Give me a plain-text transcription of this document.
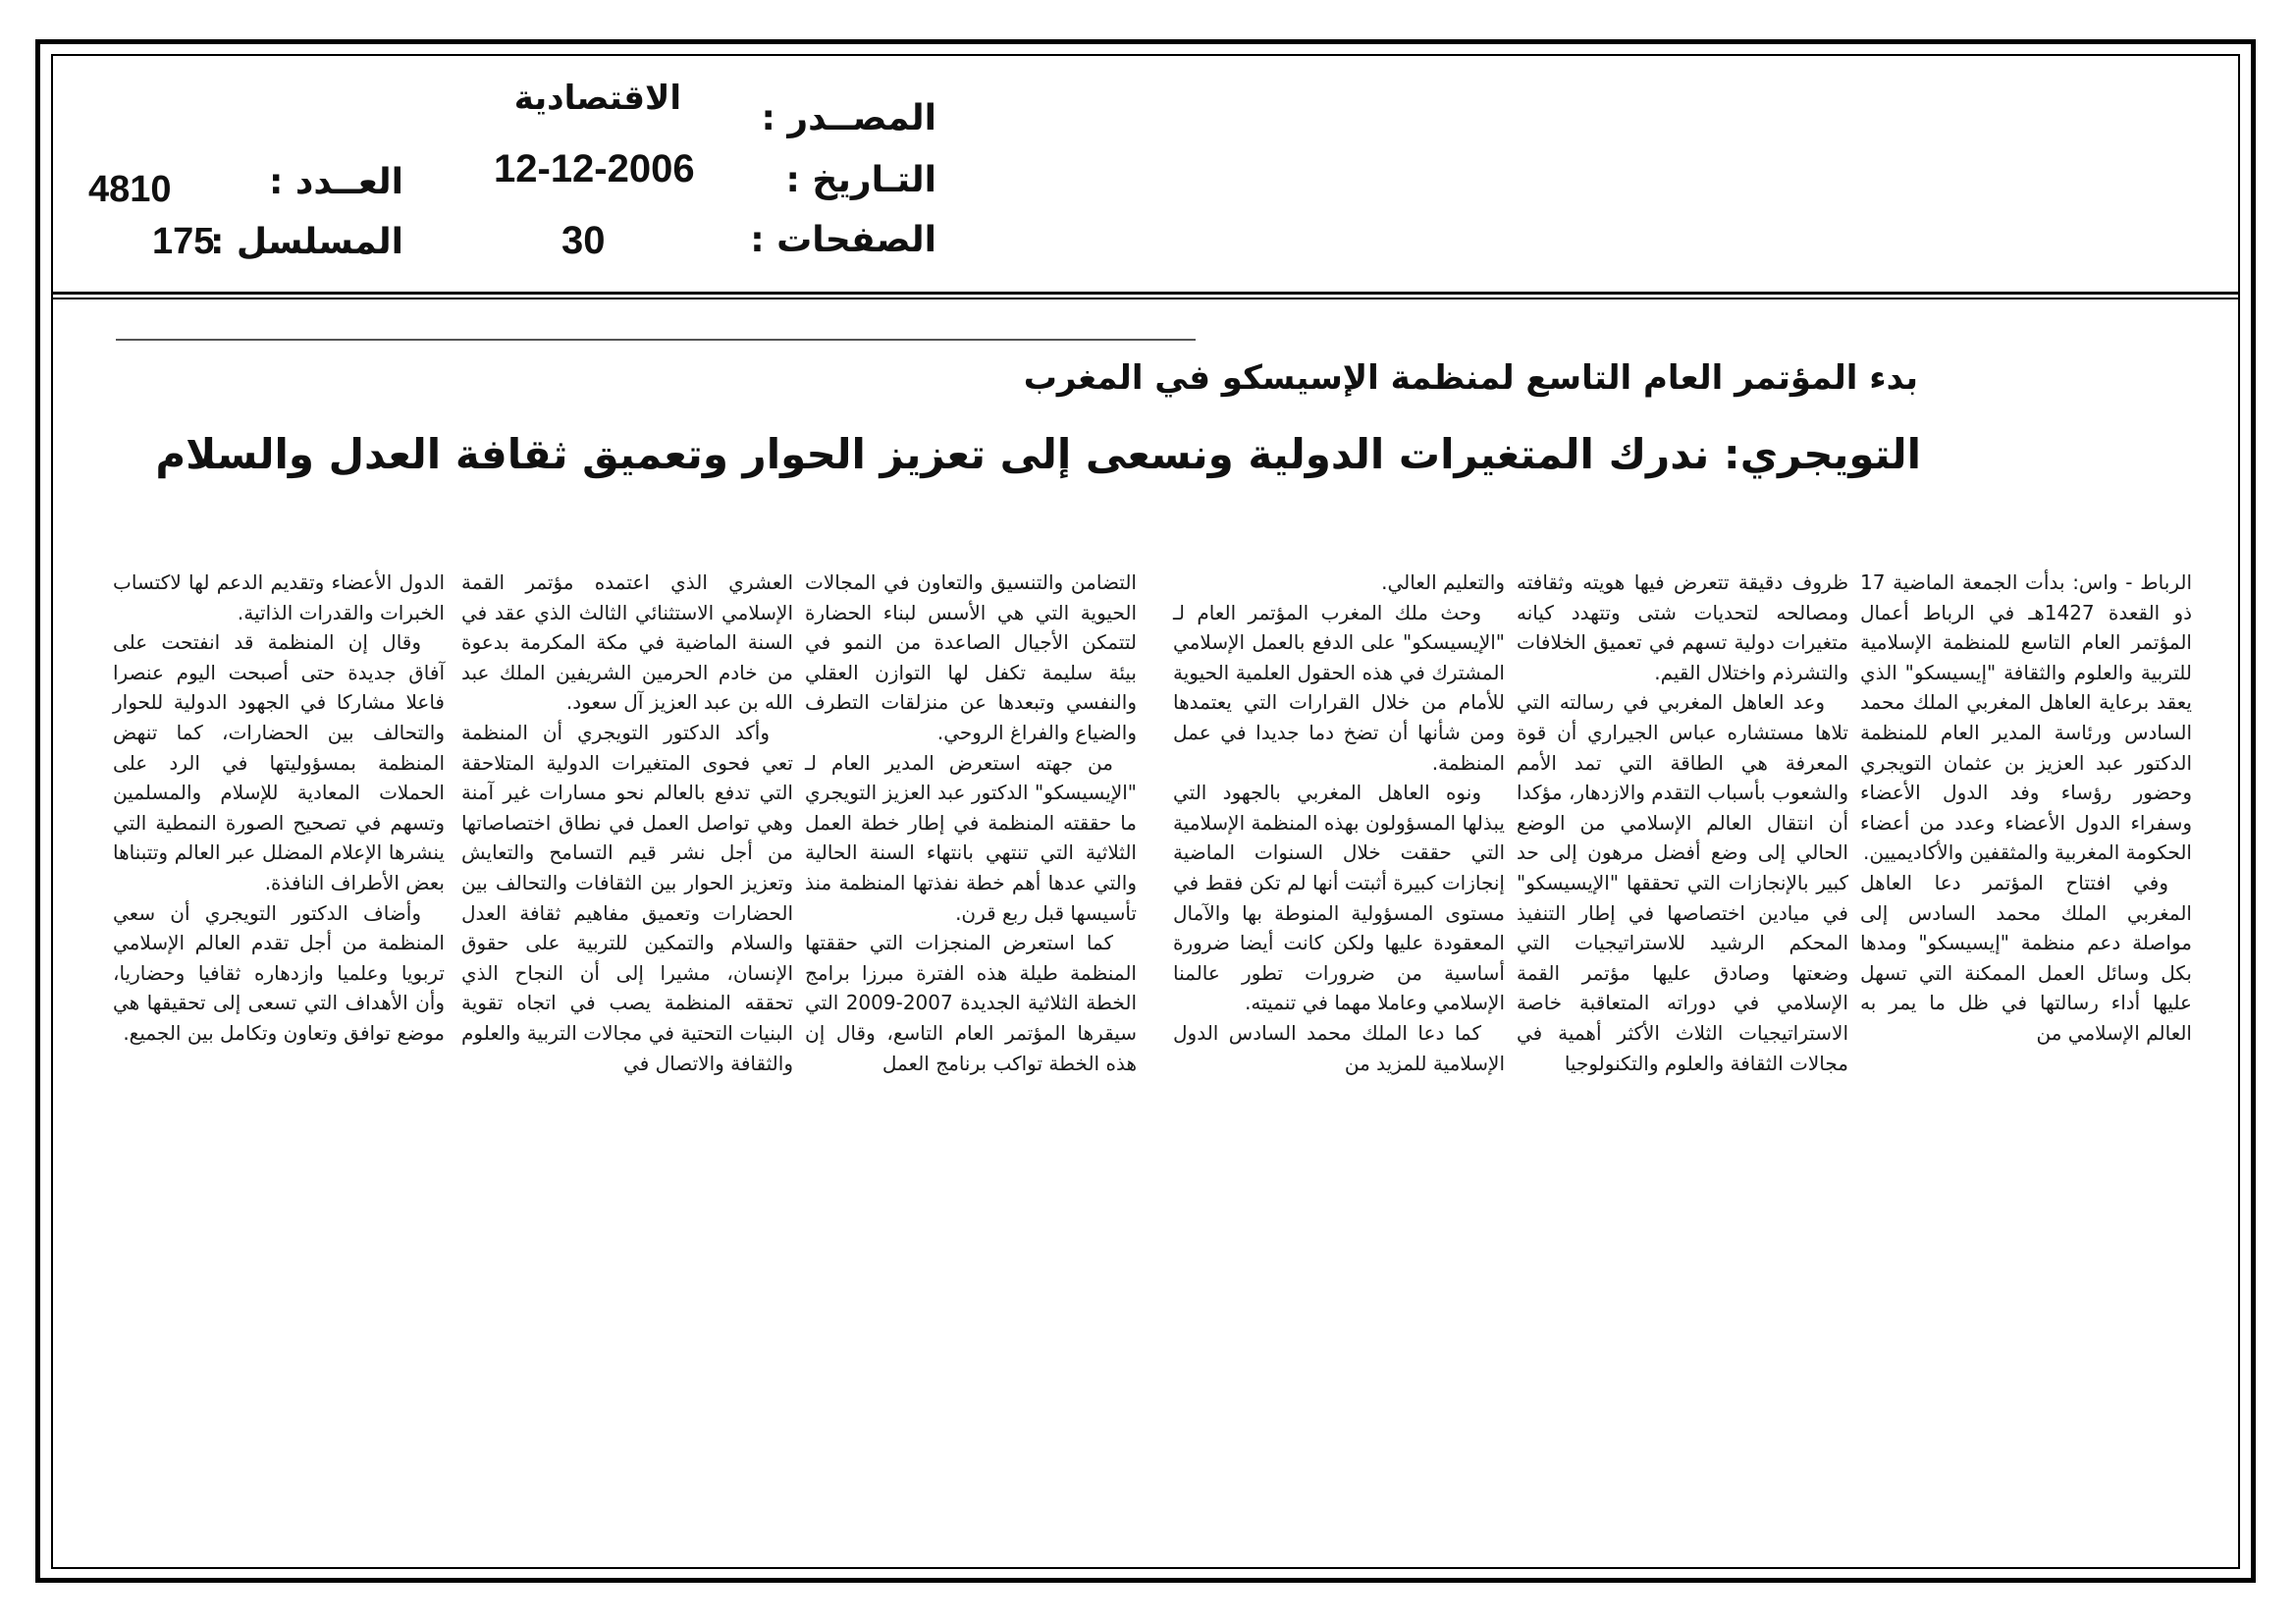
المصــدر :
الاقتصادية
التـاريخ :
12-12-2006
الصفحات :
30
العــدد :
4810
المسلسل :
175
بدء المؤتمر العام التاسع لمنظمة الإسيسكو في المغرب
التويجري: ندرك المتغيرات الدولية ونسعى إلى تعزيز الحوار وتعميق ثقافة العدل والسلام

الرباط - واس: بدأت الجمعة الماضية 17 ذو القعدة 1427هـ في الرباط أعمال المؤتمر العام التاسع للمنظمة الإسلامية للتربية والعلوم والثقافة "إيسيسكو" الذي يعقد برعاية العاهل المغربي الملك محمد السادس ورئاسة المدير العام للمنظمة الدكتور عبد العزيز بن عثمان التويجري وحضور رؤساء وفد الدول الأعضاء وسفراء الدول الأعضاء وعدد من أعضاء الحكومة المغربية والمثقفين والأكاديميين.

وفي افتتاح المؤتمر دعا العاهل المغربي الملك محمد السادس إلى مواصلة دعم منظمة "إيسيسكو" ومدها بكل وسائل العمل الممكنة التي تسهل عليها أداء رسالتها في ظل ما يمر به العالم الإسلامي من

ظروف دقيقة تتعرض فيها هويته وثقافته ومصالحه لتحديات شتى وتتهدد كيانه متغيرات دولية تسهم في تعميق الخلافات والتشرذم واختلال القيم.

وعد العاهل المغربي في رسالته التي تلاها مستشاره عباس الجيراري أن قوة المعرفة هي الطاقة التي تمد الأمم والشعوب بأسباب التقدم والازدهار، مؤكدا أن انتقال العالم الإسلامي من الوضع الحالي إلى وضع أفضل مرهون إلى حد كبير بالإنجازات التي تحققها "الإيسيسكو" في ميادين اختصاصها في إطار التنفيذ المحكم الرشيد للاستراتيجيات التي وضعتها وصادق عليها مؤتمر القمة الإسلامي في دوراته المتعاقبة خاصة الاستراتيجيات الثلاث الأكثر أهمية في مجالات الثقافة والعلوم والتكنولوجيا

والتعليم العالي.

وحث ملك المغرب المؤتمر العام لـ "الإيسيسكو" على الدفع بالعمل الإسلامي المشترك في هذه الحقول العلمية الحيوية للأمام من خلال القرارات التي يعتمدها ومن شأنها أن تضخ دما جديدا في عمل المنظمة.

ونوه العاهل المغربي بالجهود التي يبذلها المسؤولون بهذه المنظمة الإسلامية التي حققت خلال السنوات الماضية إنجازات كبيرة أثبتت أنها لم تكن فقط في مستوى المسؤولية المنوطة بها والآمال المعقودة عليها ولكن كانت أيضا ضرورة أساسية من ضرورات تطور عالمنا الإسلامي وعاملا مهما في تنميته.

كما دعا الملك محمد السادس الدول الإسلامية للمزيد من

التضامن والتنسيق والتعاون في المجالات الحيوية التي هي الأسس لبناء الحضارة لتتمكن الأجيال الصاعدة من النمو في بيئة سليمة تكفل لها التوازن العقلي والنفسي وتبعدها عن منزلقات التطرف والضياع والفراغ الروحي.

من جهته استعرض المدير العام لـ "الإيسيسكو" الدكتور عبد العزيز التويجري ما حققته المنظمة في إطار خطة العمل الثلاثية التي تنتهي بانتهاء السنة الحالية والتي عدها أهم خطة نفذتها المنظمة منذ تأسيسها قبل ربع قرن.

كما استعرض المنجزات التي حققتها المنظمة طيلة هذه الفترة مبرزا برامج الخطة الثلاثية الجديدة 2007-2009 التي سيقرها المؤتمر العام التاسع، وقال إن هذه الخطة تواكب برنامج العمل

العشري الذي اعتمده مؤتمر القمة الإسلامي الاستثنائي الثالث الذي عقد في السنة الماضية في مكة المكرمة بدعوة من خادم الحرمين الشريفين الملك عبد الله بن عبد العزيز آل سعود.

وأكد الدكتور التويجري أن المنظمة تعي فحوى المتغيرات الدولية المتلاحقة التي تدفع بالعالم نحو مسارات غير آمنة وهي تواصل العمل في نطاق اختصاصاتها من أجل نشر قيم التسامح والتعايش وتعزيز الحوار بين الثقافات والتحالف بين الحضارات وتعميق مفاهيم ثقافة العدل والسلام والتمكين للتربية على حقوق الإنسان، مشيرا إلى أن النجاح الذي تحققه المنظمة يصب في اتجاه تقوية البنيات التحتية في مجالات التربية والعلوم والثقافة والاتصال في

الدول الأعضاء وتقديم الدعم لها لاكتساب الخبرات والقدرات الذاتية.

وقال إن المنظمة قد انفتحت على آفاق جديدة حتى أصبحت اليوم عنصرا فاعلا مشاركا في الجهود الدولية للحوار والتحالف بين الحضارات، كما تنهض المنظمة بمسؤوليتها في الرد على الحملات المعادية للإسلام والمسلمين وتسهم في تصحيح الصورة النمطية التي ينشرها الإعلام المضلل عبر العالم وتتبناها بعض الأطراف النافذة.

وأضاف الدكتور التويجري أن سعي المنظمة من أجل تقدم العالم الإسلامي تربويا وعلميا وازدهاره ثقافيا وحضاريا، وأن الأهداف التي تسعى إلى تحقيقها هي موضع توافق وتعاون وتكامل بين الجميع.
